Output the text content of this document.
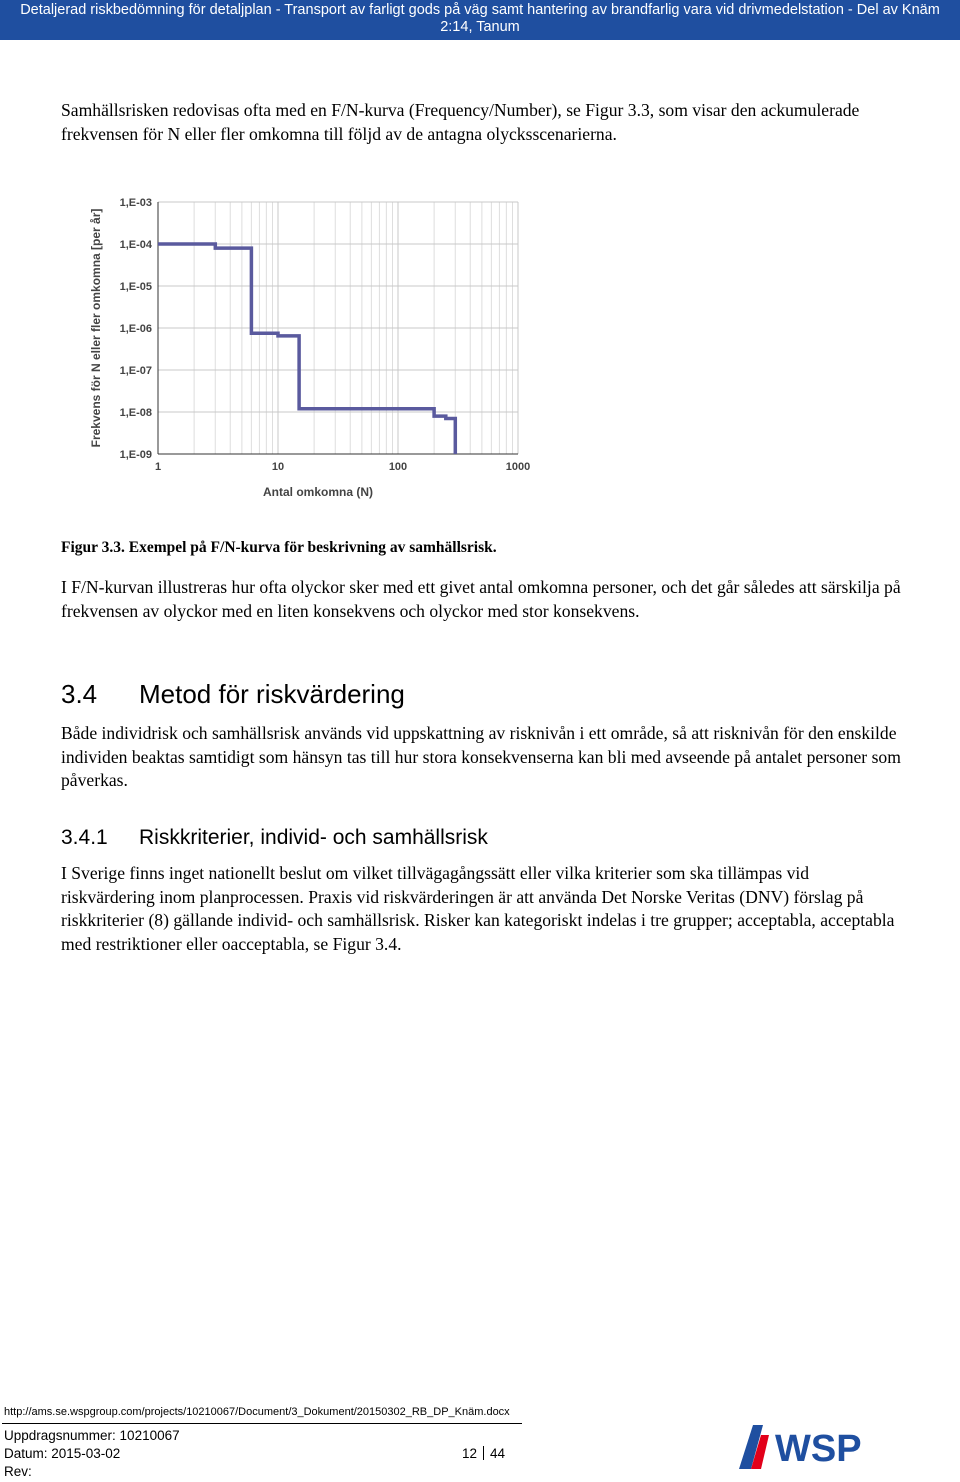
Detaljerad riskbedömning för detaljplan - Transport av farligt gods på väg samt hantering av brandfarlig vara vid drivmedelstation - Del av Knäm
2:14, Tanum
Samhällsrisken redovisas ofta med en F/N-kurva (Frequency/Number), se Figur 3.3, som visar den ackumulerade frekvensen för N eller fler omkomna till följd av de antagna olycksscenarierna.
1,E-09
1,E-08
1,E-07
1,E-06
1,E-05
1,E-04
1,E-03
1	10	100	1000
Antal omkomna (N)
Frekvens för N eller fler omkomna [per år]
Figur 3.3. Exempel på F/N-kurva för beskrivning av samhällsrisk.
I F/N-kurvan illustreras hur ofta olyckor sker med ett givet antal omkomna personer, och det går således att särskilja på frekvensen av olyckor med en liten konsekvens och olyckor med stor konsekvens.
3.4 Metod för riskvärdering
Både individrisk och samhällsrisk används vid uppskattning av risknivån i ett område, så att risknivån för den enskilde individen beaktas samtidigt som hänsyn tas till hur stora konsekvenserna kan bli med avseende på antalet personer som påverkas.
3.4.1 Riskkriterier, individ- och samhällsrisk
I Sverige finns inget nationellt beslut om vilket tillvägagångssätt eller vilka kriterier som ska tillämpas vid riskvärdering inom planprocessen. Praxis vid riskvärderingen är att använda Det Norske Veritas (DNV) förslag på riskkriterier (8) gällande individ- och samhällsrisk. Risker kan kategoriskt indelas i tre grupper; acceptabla, acceptabla med restriktioner eller oacceptabla, se Figur 3.4.
http://ams.se.wspgroup.com/projects/10210067/Document/3_Dokument/20150302_RB_DP_Knäm.docx
Uppdragsnummer: 10210067
Datum: 2015-03-02
Rev:
12 44	WSP
